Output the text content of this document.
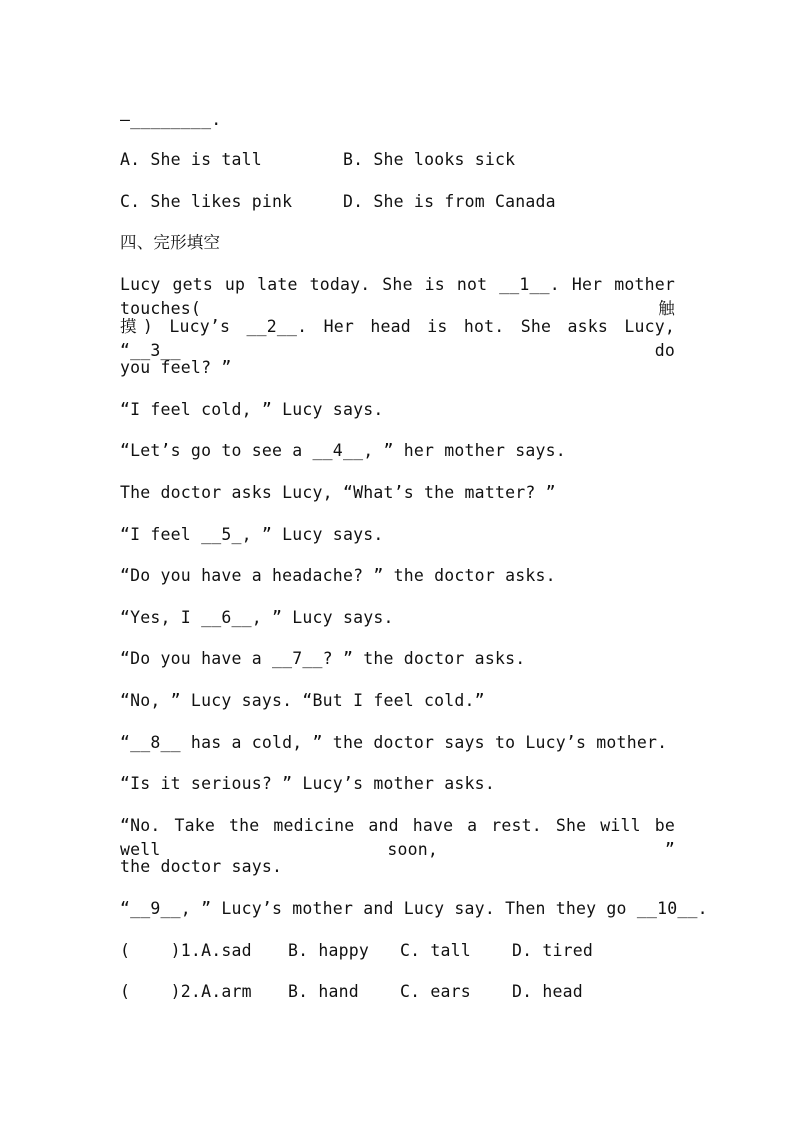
—________.
A. She is tall	B. She looks sick
C. She likes pink	D. She is from Canada
四、完形填空
Lucy gets up late today. She is not __1__. Her mother touches(触
摸) Lucy’s __2__. Her head is hot. She asks Lucy, “__3__ do
you feel? ”
“I feel cold, ” Lucy says.
“Let’s go to see a __4__, ” her mother says.
The doctor asks Lucy, “What’s the matter? ”
“I feel __5_, ” Lucy says.
“Do you have a headache? ” the doctor asks.
“Yes, I __6__, ” Lucy says.
“Do you have a __7__? ” the doctor asks.
“No, ” Lucy says. “But I feel cold.”
“__8__ has a cold, ” the doctor says to Lucy’s mother.
“Is it serious? ” Lucy’s mother asks.
“No. Take the medicine and have a rest. She will be well soon, ”
the doctor says.
“__9__, ” Lucy’s mother and Lucy say. Then they go __10__.
(    )1.A.sad B. happy C. tall D. tired
(    )2.A.arm B. hand C. ears D. head
